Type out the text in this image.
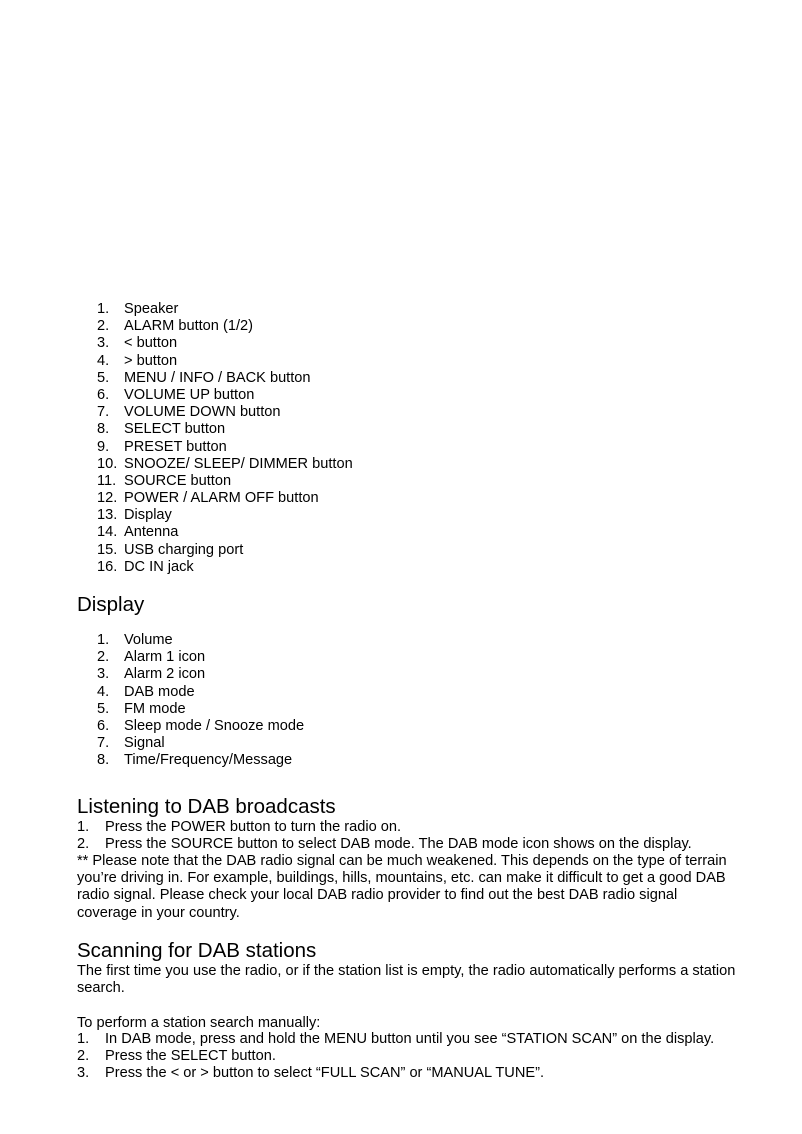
1.	Speaker
2.	ALARM button (1/2)
3.	< button
4.	> button
5.	MENU / INFO / BACK button
6.	VOLUME UP button
7.	VOLUME DOWN button
8.	SELECT button
9.	PRESET button
10. SNOOZE/ SLEEP/ DIMMER button
11. SOURCE button
12. POWER / ALARM OFF button
13. Display
14. Antenna
15. USB charging port
16. DC IN jack
Display
1.	Volume
2.	Alarm 1 icon
3.	Alarm 2 icon
4.	DAB mode
5.	FM mode
6.	Sleep mode / Snooze mode
7.	Signal
8.	Time/Frequency/Message
Listening to DAB broadcasts
1. Press the POWER button to turn the radio on.
2. Press the SOURCE button to select DAB mode. The DAB mode icon shows on the display.

** Please note that the DAB radio signal can be much weakened. This depends on the type of terrain you’re driving in. For example, buildings, hills, mountains, etc. can make it difficult to get a good DAB radio signal. Please check your local DAB radio provider to find out the best DAB radio signal coverage in your country.

Scanning for DAB stations

The first time you use the radio, or if the station list is empty, the radio automatically performs a station search.

To perform a station search manually:

1. In DAB mode, press and hold the MENU button until you see “STATION SCAN” on the display.
2. Press the SELECT button.
3. Press the < or > button to select “FULL SCAN” or “MANUAL TUNE”.
